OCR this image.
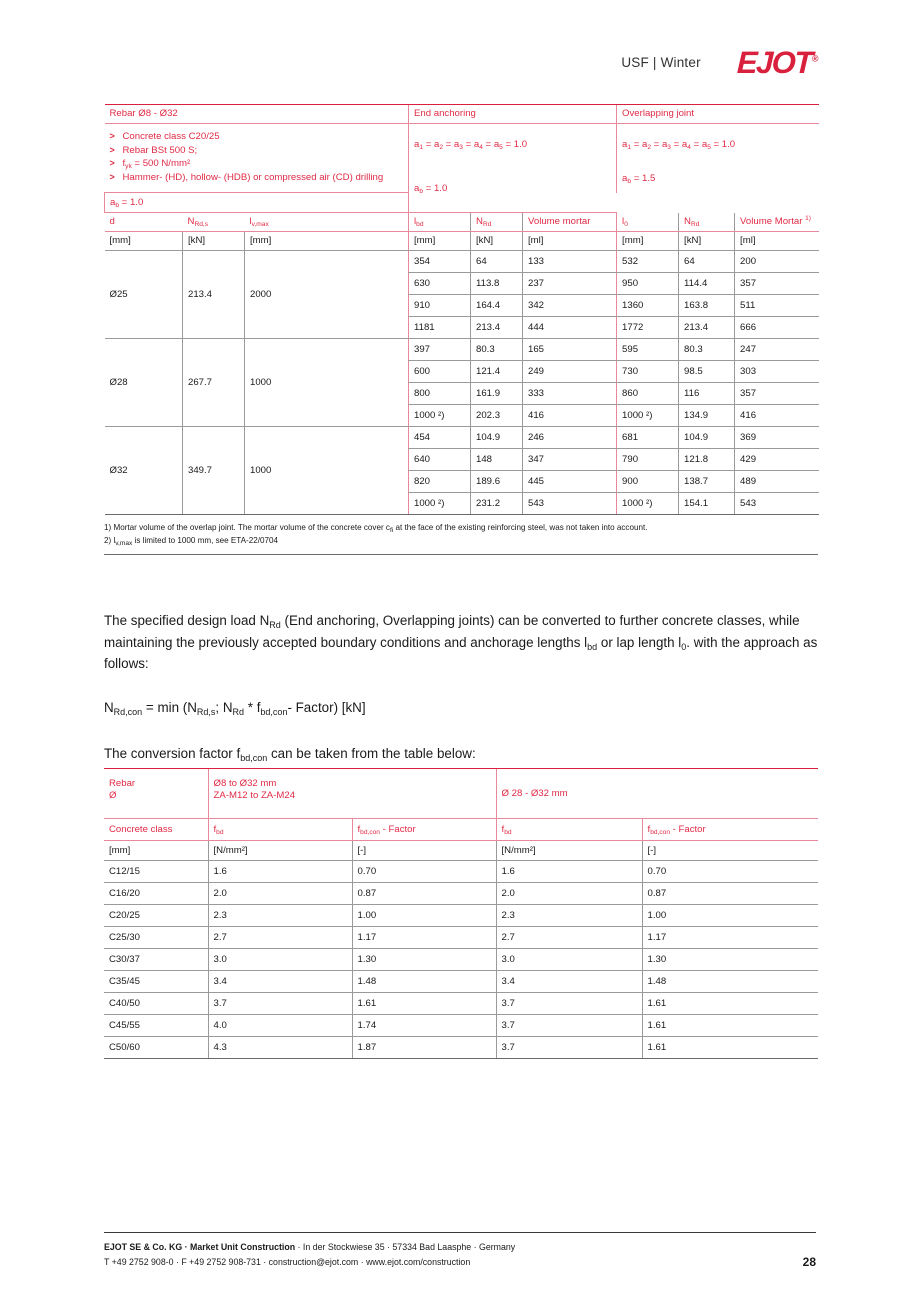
USF | Winter EJOT®
Rebar Ø8 - Ø32			End anchoring			Overlapping joint		

> Concrete class C20/25
> Rebar BSt 500 S;
> $f_{yk} = 500$ N/mm²
> Hammer- (HD), hollow- (HDB) or compressed air (CD) drilling
	$a_1 = a_2 = a_3 = a_4 = a_5 = 1.0$	$a_1 = a_2 = a_3 = a_4 = a_5 = 1.0$
			$a_b = 1.0$			$a_b = 1.5$		
$a_b = 1.0$								
d	$N_{Rd,s}$	$l_{v,max}$	$l_{bd}$	$N_{Rd}$	Volume mortar	$l_0$	$N_{Rd}$	Volume Mortar $^{1)}$
[mm]	[kN]	[mm]	[mm]	[kN]	[ml]	[mm]	[kN]	[ml]
Ø25	213.4	2000	354	64	133	532	64	200
			630	113.8	237	950	114.4	357
			910	164.4	342	1360	163.8	511
			1181	213.4	444	1772	213.4	666
Ø28	267.7	1000	397	80.3	165	595	80.3	247
			600	121.4	249	730	98.5	303
			800	161.9	333	860	116	357
			1000 ²)	202.3	416	1000 ²)	134.9	416
Ø32	349.7	1000	454	104.9	246	681	104.9	369
			640	148	347	790	121.8	429
			820	189.6	445	900	138.7	489
			1000 ²)	231.2	543	1000 ²)	154.1	543
1) Mortar volume of the overlap joint. The mortar volume of the concrete cover $c_{fi}$ at the face of the existing reinforcing steel, was not taken into account.
2) $l_{v,max}$ is limited to 1000 mm, see ETA-22/0704
The specified design load $N_{Rd}$ (End anchoring, Overlapping joints) can be converted to further concrete classes, while maintaining the previously accepted boundary conditions and anchorage lengths $l_{bd}$ or lap length $l_0$. with the approach as follows:
$N_{Rd,con} = \min (N_{Rd,s}$; $N_{Rd} * f_{bd,con}-$ Factor) [kN]
The conversion factor $f_{bd,con}$ can be taken from the table below:
Rebar
Ø	Ø8 to Ø32 mm
ZA-M12 to ZA-M24		Ø 28 - Ø32 mm	
Concrete class	$f_{bd}$	$f_{bd,con}$ - Factor	$f_{bd}$	$f_{bd,con}$ - Factor
[mm]	[N/mm²]	[-]	[N/mm²]	[-]
C12/15	1.6	0.70	1.6	0.70
C16/20	2.0	0.87	2.0	0.87
C20/25	2.3	1.00	2.3	1.00
C25/30	2.7	1.17	2.7	1.17
C30/37	3.0	1.30	3.0	1.30
C35/45	3.4	1.48	3.4	1.48
C40/50	3.7	1.61	3.7	1.61
C45/55	4.0	1.74	3.7	1.61
C50/60	4.3	1.87	3.7	1.61
EJOT SE & Co. KG · Market Unit Construction · In der Stockwiese 35 · 57334 Bad Laasphe · Germany
T +49 2752 908-0 · F +49 2752 908-731 · construction@ejot.com · www.ejot.com/construction	28
